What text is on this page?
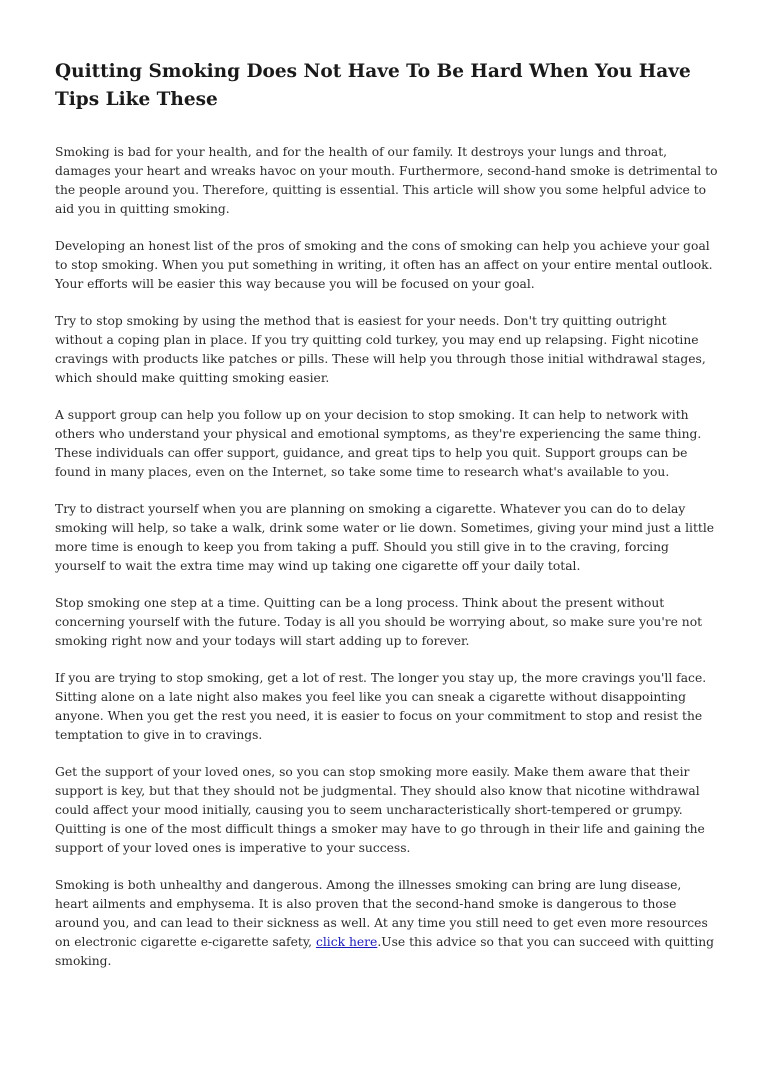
Quitting Smoking Does Not Have To Be Hard When You Have Tips Like These

Smoking is bad for your health, and for the health of our family. It destroys your lungs and throat, damages your heart and wreaks havoc on your mouth. Furthermore, second-hand smoke is detrimental to the people around you. Therefore, quitting is essential. This article will show you some helpful advice to aid you in quitting smoking.

Developing an honest list of the pros of smoking and the cons of smoking can help you achieve your goal to stop smoking. When you put something in writing, it often has an affect on your entire mental outlook. Your efforts will be easier this way because you will be focused on your goal.

Try to stop smoking by using the method that is easiest for your needs. Don't try quitting outright without a coping plan in place. If you try quitting cold turkey, you may end up relapsing. Fight nicotine cravings with products like patches or pills. These will help you through those initial withdrawal stages, which should make quitting smoking easier.

A support group can help you follow up on your decision to stop smoking. It can help to network with others who understand your physical and emotional symptoms, as they're experiencing the same thing. These individuals can offer support, guidance, and great tips to help you quit. Support groups can be found in many places, even on the Internet, so take some time to research what's available to you.

Try to distract yourself when you are planning on smoking a cigarette. Whatever you can do to delay smoking will help, so take a walk, drink some water or lie down. Sometimes, giving your mind just a little more time is enough to keep you from taking a puff. Should you still give in to the craving, forcing yourself to wait the extra time may wind up taking one cigarette off your daily total.

Stop smoking one step at a time. Quitting can be a long process. Think about the present without concerning yourself with the future. Today is all you should be worrying about, so make sure you're not smoking right now and your todays will start adding up to forever.

If you are trying to stop smoking, get a lot of rest. The longer you stay up, the more cravings you'll face. Sitting alone on a late night also makes you feel like you can sneak a cigarette without disappointing anyone. When you get the rest you need, it is easier to focus on your commitment to stop and resist the temptation to give in to cravings.

Get the support of your loved ones, so you can stop smoking more easily. Make them aware that their support is key, but that they should not be judgmental. They should also know that nicotine withdrawal could affect your mood initially, causing you to seem uncharacteristically short-tempered or grumpy. Quitting is one of the most difficult things a smoker may have to go through in their life and gaining the support of your loved ones is imperative to your success.

Smoking is both unhealthy and dangerous. Among the illnesses smoking can bring are lung disease, heart ailments and emphysema. It is also proven that the second-hand smoke is dangerous to those around you, and can lead to their sickness as well. At any time you still need to get even more resources on electronic cigarette e-cigarette safety, click here.Use this advice so that you can succeed with quitting smoking.
